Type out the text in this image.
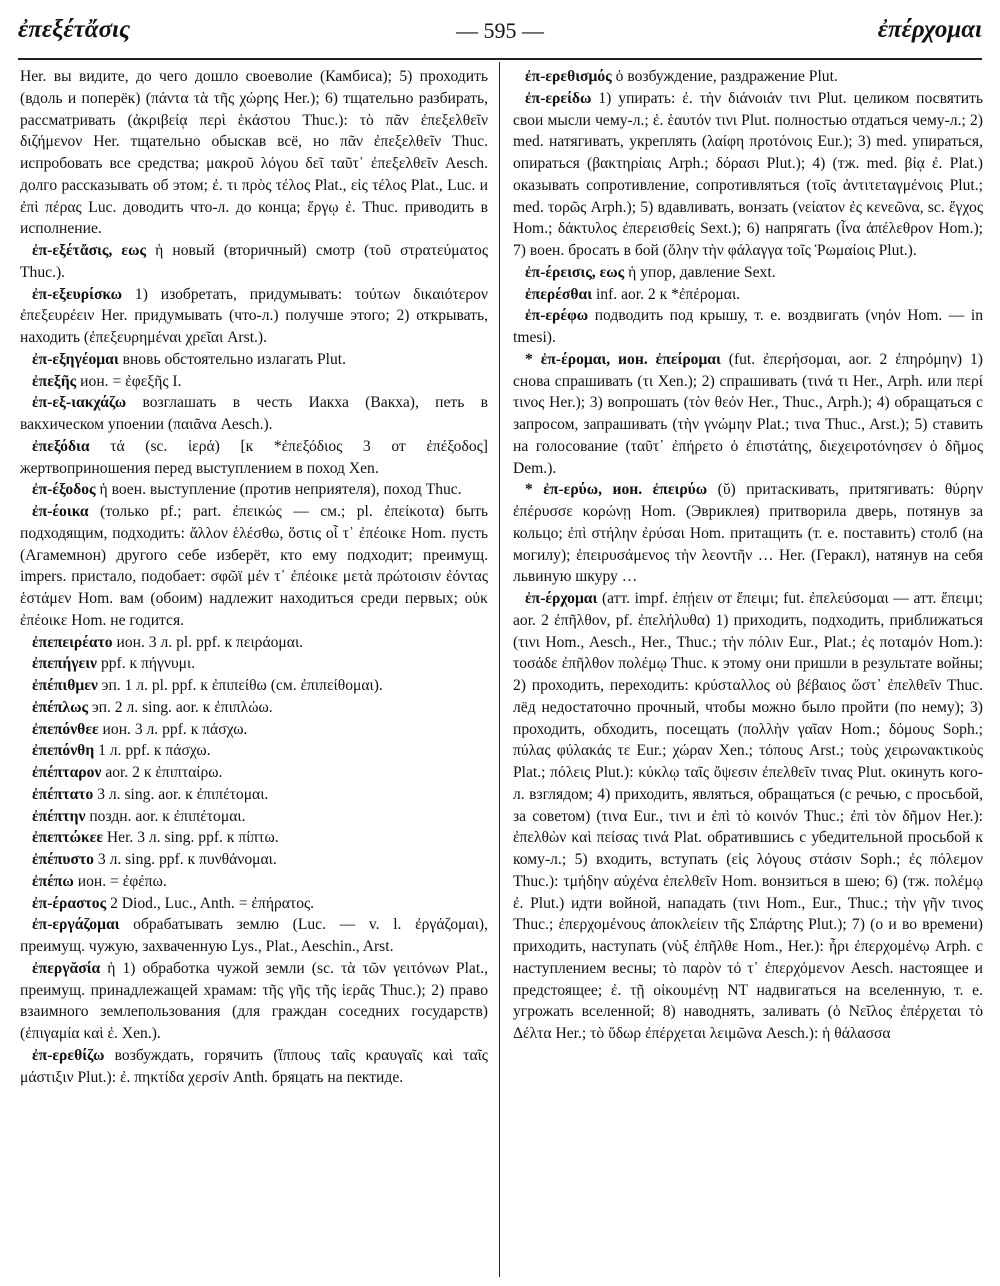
ἐπεξέτἄσις	— 595 —	ἐπέρχομαι

Her. вы видите, до чего дошло своеволие (Камбиса); 5) проходить (вдоль и поперёк) (πάντα τὰ τῆς χώρης Her.); 6) тщательно разбирать, рассматривать (ἀκριβείᾳ περὶ ἑκάστου Thuc.): τὸ πᾶν ἐπεξελθεῖν διζήμενον Her. тщательно обыскав всё, но πᾶν ἐπεξελθεῖν Thuc. испробовать все средства; μακροῦ λόγου δεῖ ταῦτ᾿ ἐπεξελθεῖν Aesch. долго рассказывать об этом; ἐ. τι πρὸς τέλος Plat., εἰς τέλος Plat., Luc. и ἐπὶ πέρας Luc. доводить что-л. до конца; ἔργῳ ἐ. Thuc. приводить в исполнение.

ἐπ-εξέτἄσις, εως ἡ новый (вторичный) смотр (τοῦ στρατεύματος Thuc.).

ἐπ-εξευρίσκω 1) изобретать, придумывать: τούτων δικαιότερον ἐπεξευρέειν Her. придумывать (что-л.) получше этого; 2) открывать, находить (ἐπεξευρημέναι χρεῖαι Arst.).

ἐπ-εξηγέομαι вновь обстоятельно излагать Plut.

ἐπεξῆς ион. = ἐφεξῆς I.

ἐπ-εξ-ιακχάζω возглашать в честь Иакха (Вакха), петь в вакхическом упоении (παιᾶνα Aesch.).

ἐπεξόδια τά (sc. ἱερά) [к *ἐπεξόδιος 3 от ἐπέξοδος] жертвоприношения перед выступлением в поход Xen.

ἐπ-έξοδος ἡ воен. выступление (против неприятеля), поход Thuc.

ἐπ-έοικα (только pf.; part. ἐπεικώς — см.; pl. ἐπείκοτα) быть подходящим, подходить: ἄλλον ἑλέσθω, ὅστις οἷ τ᾿ ἐπέοικε Hom. пусть (Агамемнон) другого себе изберёт, кто ему подходит; преимущ. impers. пристало, подобает: σφῶϊ μέν τ᾿ ἐπέοικε μετὰ πρώτοισιν ἐόντας ἑστάμεν Hom. вам (обоим) надлежит находиться среди первых; οὐκ ἐπέοικε Hom. не годится.

ἐπεπειρέατο ион. 3 л. pl. ppf. к πειράομαι.

ἐπεπήγειν ppf. к πήγνυμι.

ἐπέπιθμεν эп. 1 л. pl. ppf. к ἐπιπείθω (см. ἐπιπείθομαι).

ἐπέπλως эп. 2 л. sing. aor. к ἐπιπλώω.

ἐπεπόνθεε ион. 3 л. ppf. к πάσχω.

ἐπεπόνθη 1 л. ppf. к πάσχω.

ἐπέπταρον aor. 2 к ἐπιπταίρω.

ἐπέπτατο 3 л. sing. aor. к ἐπιπέτομαι.

ἐπέπτην поздн. aor. к ἐπιπέτομαι.

ἐπεπτώκεε Her. 3 л. sing. ppf. к πίπτω.

ἐπέπυστο 3 л. sing. ppf. к πυνθάνομαι.

ἐπέπω ион. = ἐφέπω.

ἐπ-έραστος 2 Diod., Luc., Anth. = ἐπήρατος.

ἐπ-εργάζομαι обрабатывать землю (Luc. — v. l. ἐργάζομαι), преимущ. чужую, захваченную Lys., Plat., Aeschin., Arst.

ἐπεργᾰσία ἡ 1) обработка чужой земли (sc. τὰ τῶν γειτόνων Plat., преимущ. принадлежащей храмам: τῆς γῆς τῆς ἱερᾶς Thuc.); 2) право взаимного землепользования (для граждан соседних государств) (ἐπιγαμία καὶ ἐ. Xen.).

ἐπ-ερεθίζω возбуждать, горячить (ἵππους ταῖς κραυγαῖς καὶ ταῖς μάστιξιν Plut.): ἐ. πηκτίδα χερσίν Anth. бряцать на пектиде.

ἐπ-ερεθισμός ὁ возбуждение, раздражение Plut.

ἐπ-ερείδω 1) упирать: ἐ. τὴν διάνοιάν τινι Plut. целиком посвятить свои мысли чему-л.; ἐ. ἑαυτόν τινι Plut. полностью отдаться чему-л.; 2) med. натягивать, укреплять (λαίφη προτόνοις Eur.); 3) med. упираться, опираться (βακτηρίαις Arph.; δόρασι Plut.); 4) (тж. med. βίᾳ ἐ. Plat.) оказывать сопротивление, сопротивляться (τοῖς ἀντιτεταγμένοις Plut.; med. τορῶς Arph.); 5) вдавливать, вонзать (νείατον ἐς κενεῶνα, sc. ἔγχος Hom.; δάκτυλος ἐπερεισθείς Sext.); 6) напрягать (ἶνα ἀπέλεθρον Hom.); 7) воен. бросать в бой (ὅλην τὴν φάλαγγα τοῖς Ῥωμαίοις Plut.).

ἐπ-έρεισις, εως ἡ упор, давление Sext.

ἐπερέσθαι inf. aor. 2 к *ἐπέρομαι.

ἐπ-ερέφω подводить под крышу, т. е. воздвигать (νηόν Hom. — in tmesi).

* ἐπ-έρομαι, ион. ἐπείρομαι (fut. ἐπερήσομαι, aor. 2 ἐπηρόμην) 1) снова спрашивать (τι Xen.); 2) спрашивать (τινά τι Her., Arph. или περί τινος Her.); 3) вопрошать (τὸν θεόν Her., Thuc., Arph.); 4) обращаться с запросом, запрашивать (τὴν γνώμην Plat.; τινα Thuc., Arst.); 5) ставить на голосование (ταῦτ᾿ ἐπήρετο ὁ ἐπιστάτης, διεχειροτόνησεν ὁ δῆμος Dem.).

* ἐπ-ερύω, ион. ἐπειρύω (ῠ) притаскивать, притягивать: θύρην ἐπέρυσσε κορώνῃ Hom. (Эвриклея) притворила дверь, потянув за кольцо; ἐπὶ στήλην ἐρύσαι Hom. притащить (т. е. поставить) столб (на могилу); ἐπειρυσάμενος τὴν λεοντῆν … Her. (Геракл), натянув на себя львиную шкуру …

ἐπ-έρχομαι (атт. impf. ἐπῄειν от ἔπειμι; fut. ἐπελεύσομαι — атт. ἔπειμι; aor. 2 ἐπῆλθον, pf. ἐπελήλυθα) 1) приходить, подходить, приближаться (τινι Hom., Aesch., Her., Thuc.; τὴν πόλιν Eur., Plat.; ἐς ποταμόν Hom.): τοσάδε ἐπῆλθον πολέμῳ Thuc. к этому они пришли в результате войны; 2) проходить, переходить: κρύσταλλος οὐ βέβαιος ὥστ᾿ ἐπελθεῖν Thuc. лёд недостаточно прочный, чтобы можно было пройти (по нему); 3) проходить, обходить, посещать (πολλὴν γαῖαν Hom.; δόμους Soph.; πύλας φύλακάς τε Eur.; χώραν Xen.; τόπους Arst.; τοὺς χειρωνακτικοὺς Plat.; πόλεις Plut.): κύκλῳ ταῖς ὄψεσιν ἐπελθεῖν τινας Plut. окинуть кого-л. взглядом; 4) приходить, являться, обращаться (с речью, с просьбой, за советом) (τινα Eur., τινι и ἐπὶ τὸ κοινόν Thuc.; ἐπὶ τὸν δῆμον Her.): ἐπελθὼν καὶ πείσας τινά Plat. обратившись с убедительной просьбой к кому-л.; 5) входить, вступать (εἰς λόγους στάσιν Soph.; ἐς πόλεμον Thuc.): τμήδην αὐχένα ἐπελθεῖν Hom. вонзиться в шею; 6) (тж. πολέμῳ ἐ. Plut.) идти войной, нападать (τινι Hom., Eur., Thuc.; τὴν γῆν τινος Thuc.; ἐπερχομένους ἀποκλείειν τῆς Σπάρτης Plut.); 7) (о и во времени) приходить, наступать (νὺξ ἐπῆλθε Hom., Her.): ἦρι ἐπερχομένῳ Arph. с наступлением весны; τὸ παρὸν τό τ᾿ ἐπερχόμενον Aesch. настоящее и предстоящее; ἐ. τῇ οἰκουμένῃ NT надвигаться на вселенную, т. е. угрожать вселенной; 8) наводнять, заливать (ὁ Νεῖλος ἐπέρχεται τὸ Δέλτα Her.; τὸ ὕδωρ ἐπέρχεται λειμῶνα Aesch.): ἡ θάλασσα
